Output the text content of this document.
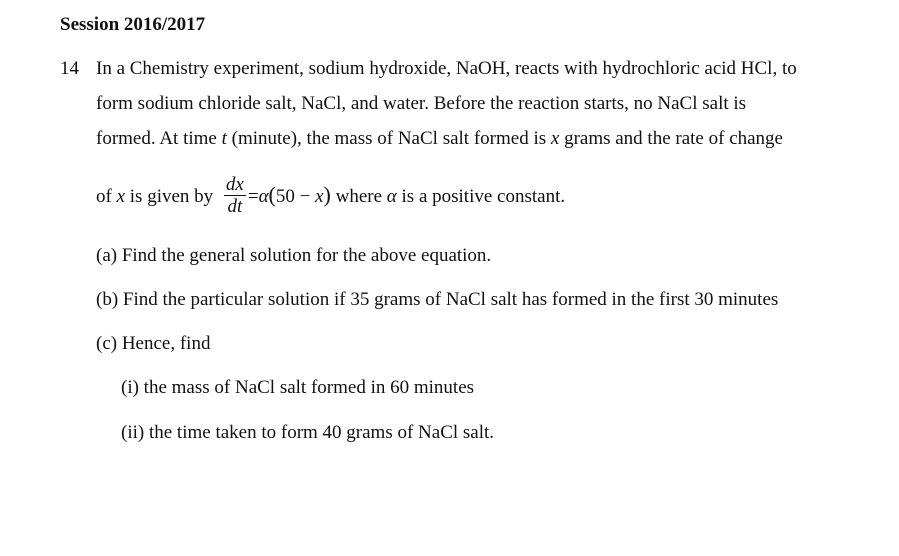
Session 2016/2017
14 In a Chemistry experiment, sodium hydroxide, NaOH, reacts with hydrochloric acid HCl, to
form sodium chloride salt, NaCl, and water. Before the reaction starts, no NaCl salt is
formed. At time t (minute), the mass of NaCl salt formed is x grams and the rate of change
of x is given by $\frac{dx}{dt} =\alpha(50 - x)$ where α is a positive constant.
(a) Find the general solution for the above equation.
(b) Find the particular solution if 35 grams of NaCl salt has formed in the first 30 minutes
(c) Hence, find
(i) the mass of NaCl salt formed in 60 minutes
(ii) the time taken to form 40 grams of NaCl salt.
